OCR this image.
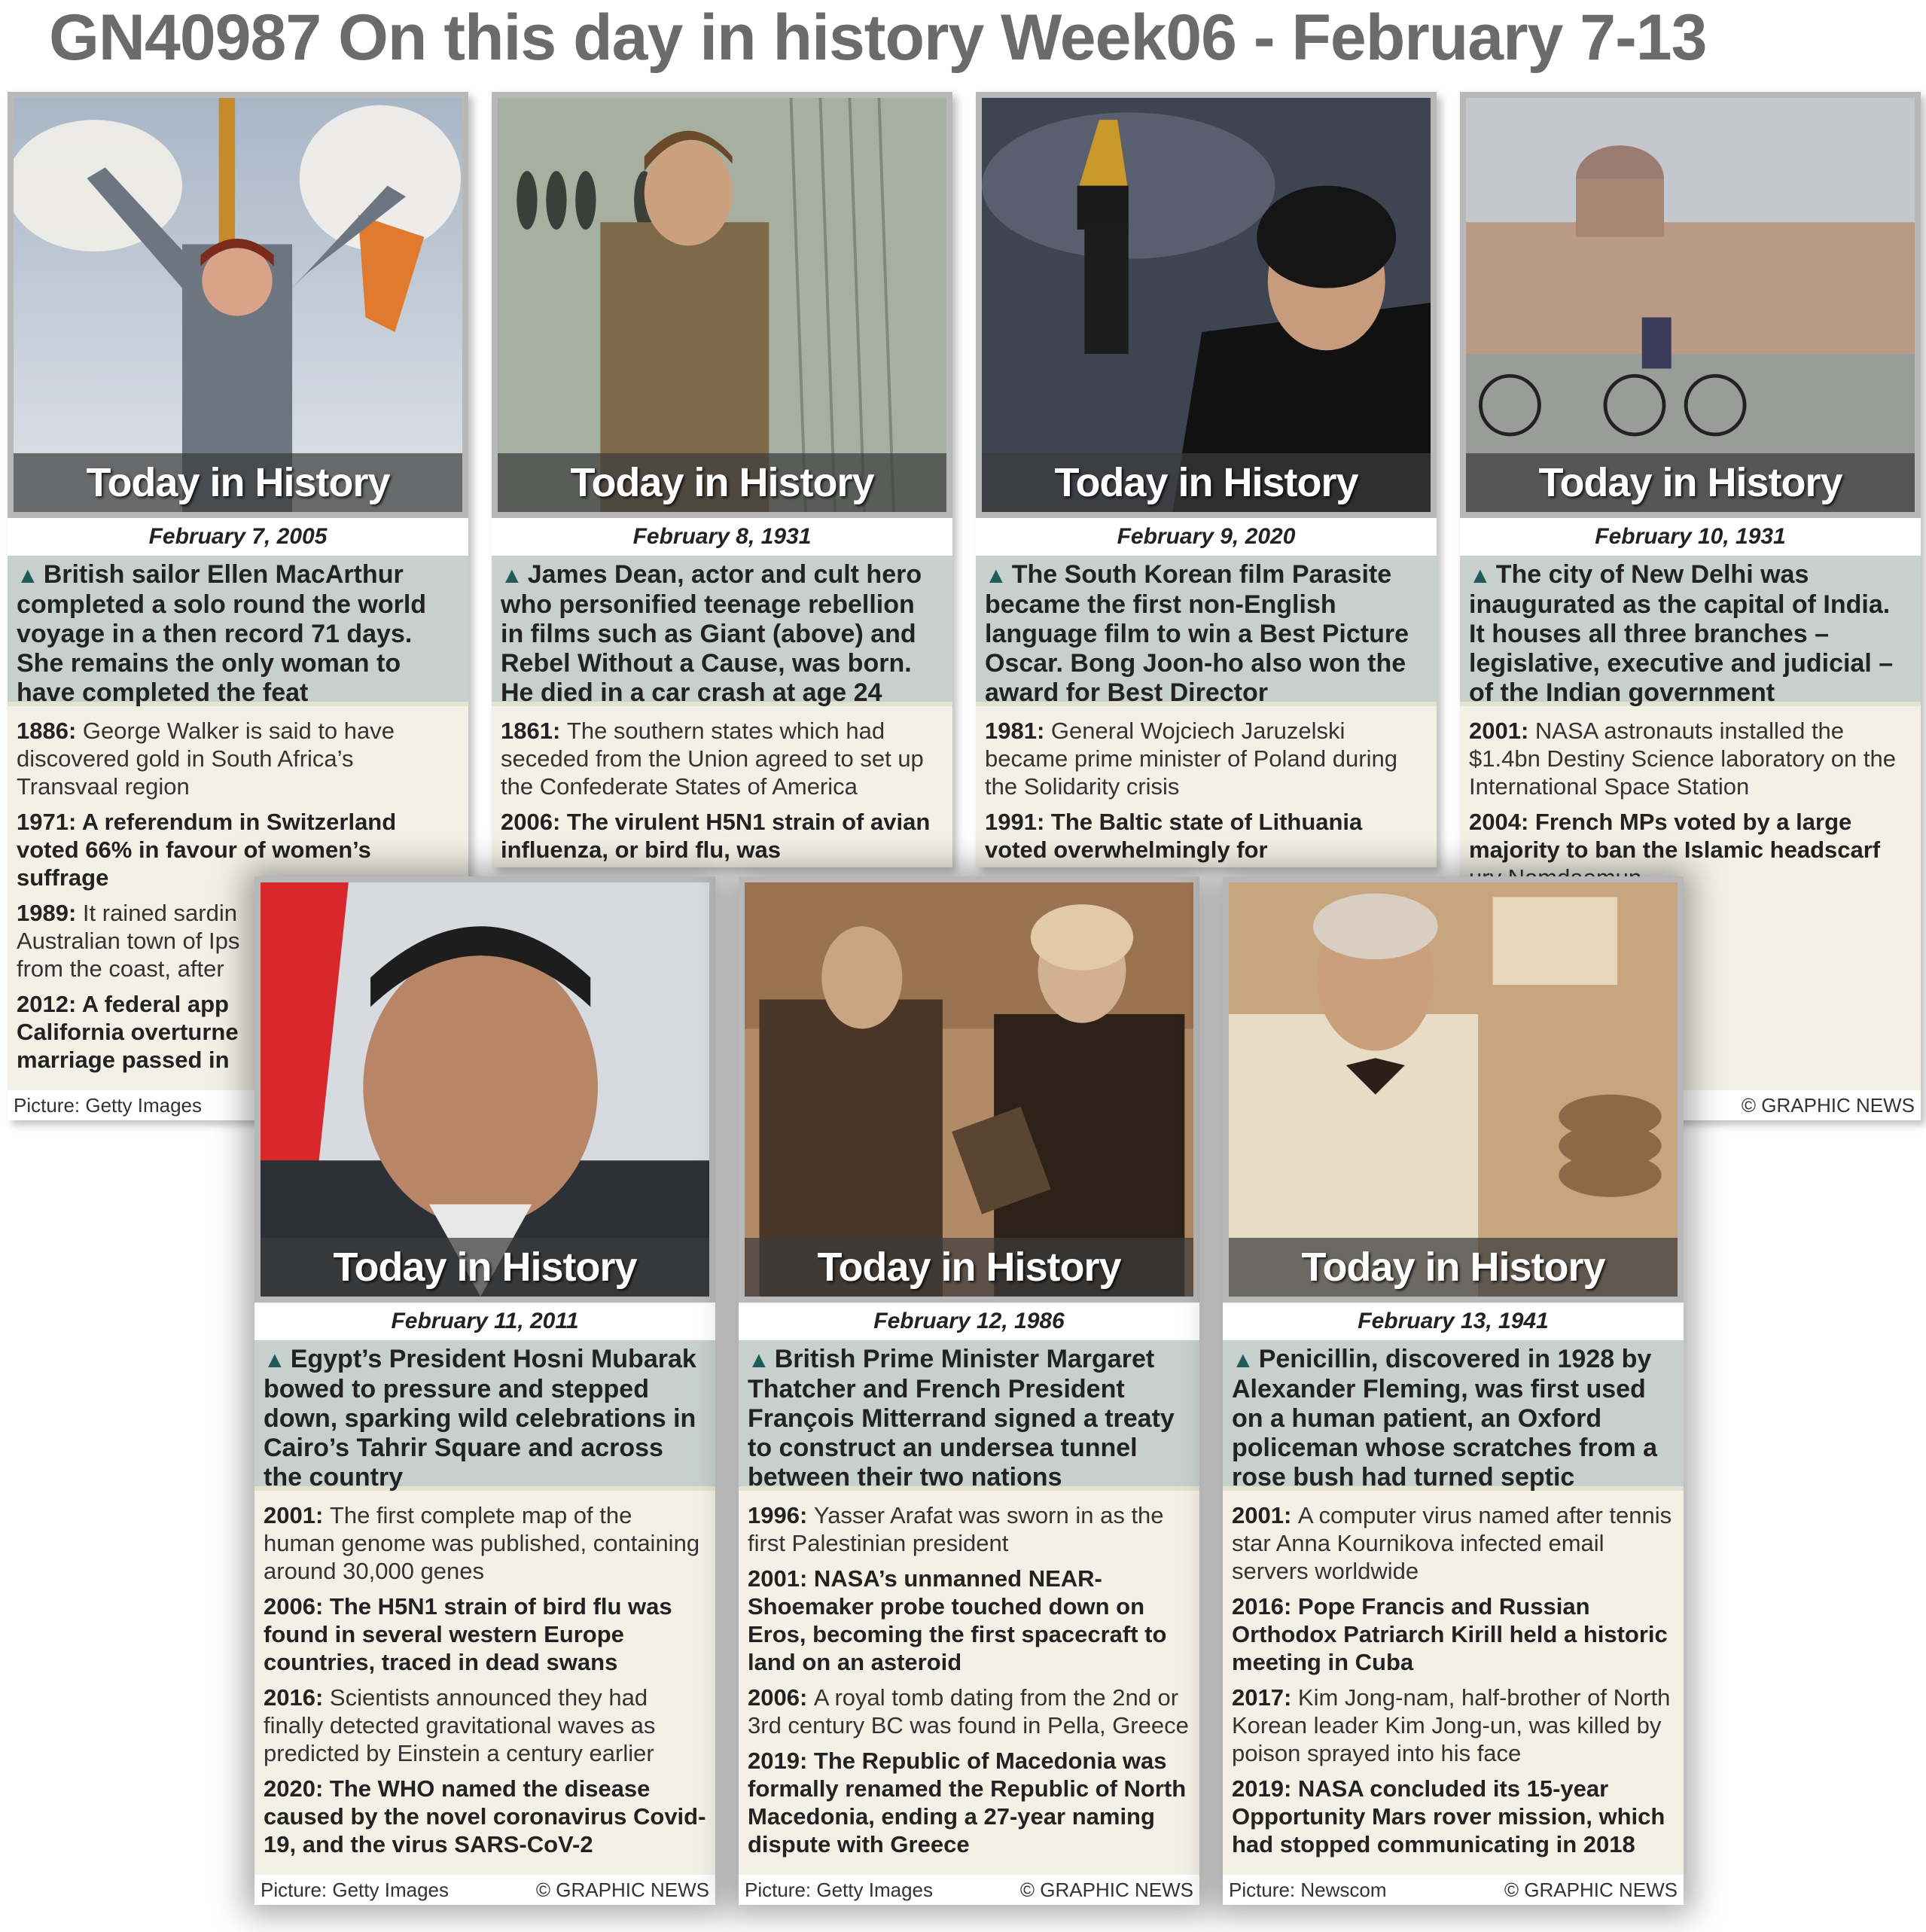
GN40987 On this day in history Week06 - February 7-13
Today in History
February 7, 2005
▲ British sailor Ellen MacArthur completed a solo round the world voyage in a then record 71 days. She remains the only woman to have completed the feat
1886: George Walker is said to have discovered gold in South Africa’s Transvaal region
1971: A referendum in Switzerland voted 66% in favour of women’s suffrage
1989: It rained sardin
Australian town of Ips
from the coast, after
2012: A federal app
California overturne
marriage passed in
Picture: Getty Images
Today in History
February 8, 1931
▲ James Dean, actor and cult hero who personified teenage rebellion in films such as Giant (above) and Rebel Without a Cause, was born. He died in a car crash at age 24
1861: The southern states which had seceded from the Union agreed to set up the Confederate States of America
2006: The virulent H5N1 strain of avian influenza, or bird flu, was
Today in History
February 9, 2020
▲ The South Korean film Parasite became the first non-English language film to win a Best Picture Oscar. Bong Joon-ho also won the award for Best Director
1981: General Wojciech Jaruzelski became prime minister of Poland during the Solidarity crisis
1991: The Baltic state of Lithuania voted overwhelmingly for
Today in History
February 10, 1931
▲ The city of New Delhi was inaugurated as the capital of India. It houses all three branches – legislative, executive and judicial – of the Indian government
2001: NASA astronauts installed the $1.4bn Destiny Science laboratory on the International Space Station
2004: French MPs voted by a large majority to ban the Islamic headscarf
© GRAPHIC NEWS
Today in History
February 11, 2011
▲ Egypt’s President Hosni Mubarak bowed to pressure and stepped down, sparking wild celebrations in Cairo’s Tahrir Square and across the country
2001: The first complete map of the human genome was published, containing around 30,000 genes
2006: The H5N1 strain of bird flu was found in several western Europe countries, traced in dead swans
2016: Scientists announced they had finally detected gravitational waves as predicted by Einstein a century earlier
2020: The WHO named the disease caused by the novel coronavirus Covid-19, and the virus SARS-CoV-2
Picture: Getty Images	© GRAPHIC NEWS
Today in History
February 12, 1986
▲ British Prime Minister Margaret Thatcher and French President François Mitterrand signed a treaty to construct an undersea tunnel between their two nations
1996: Yasser Arafat was sworn in as the first Palestinian president
2001: NASA’s unmanned NEAR-Shoemaker probe touched down on Eros, becoming the first spacecraft to land on an asteroid
2006: A royal tomb dating from the 2nd or 3rd century BC was found in Pella, Greece
2019: The Republic of Macedonia was formally renamed the Republic of North Macedonia, ending a 27-year naming dispute with Greece
Picture: Getty Images	© GRAPHIC NEWS
Today in History
February 13, 1941
▲ Penicillin, discovered in 1928 by Alexander Fleming, was first used on a human patient, an Oxford policeman whose scratches from a rose bush had turned septic
2001: A computer virus named after tennis star Anna Kournikova infected email servers worldwide
2016: Pope Francis and Russian Orthodox Patriarch Kirill held a historic meeting in Cuba
2017: Kim Jong-nam, half-brother of North Korean leader Kim Jong-un, was killed by poison sprayed into his face
2019: NASA concluded its 15-year Opportunity Mars rover mission, which had stopped communicating in 2018
Picture: Newscom	© GRAPHIC NEWS
